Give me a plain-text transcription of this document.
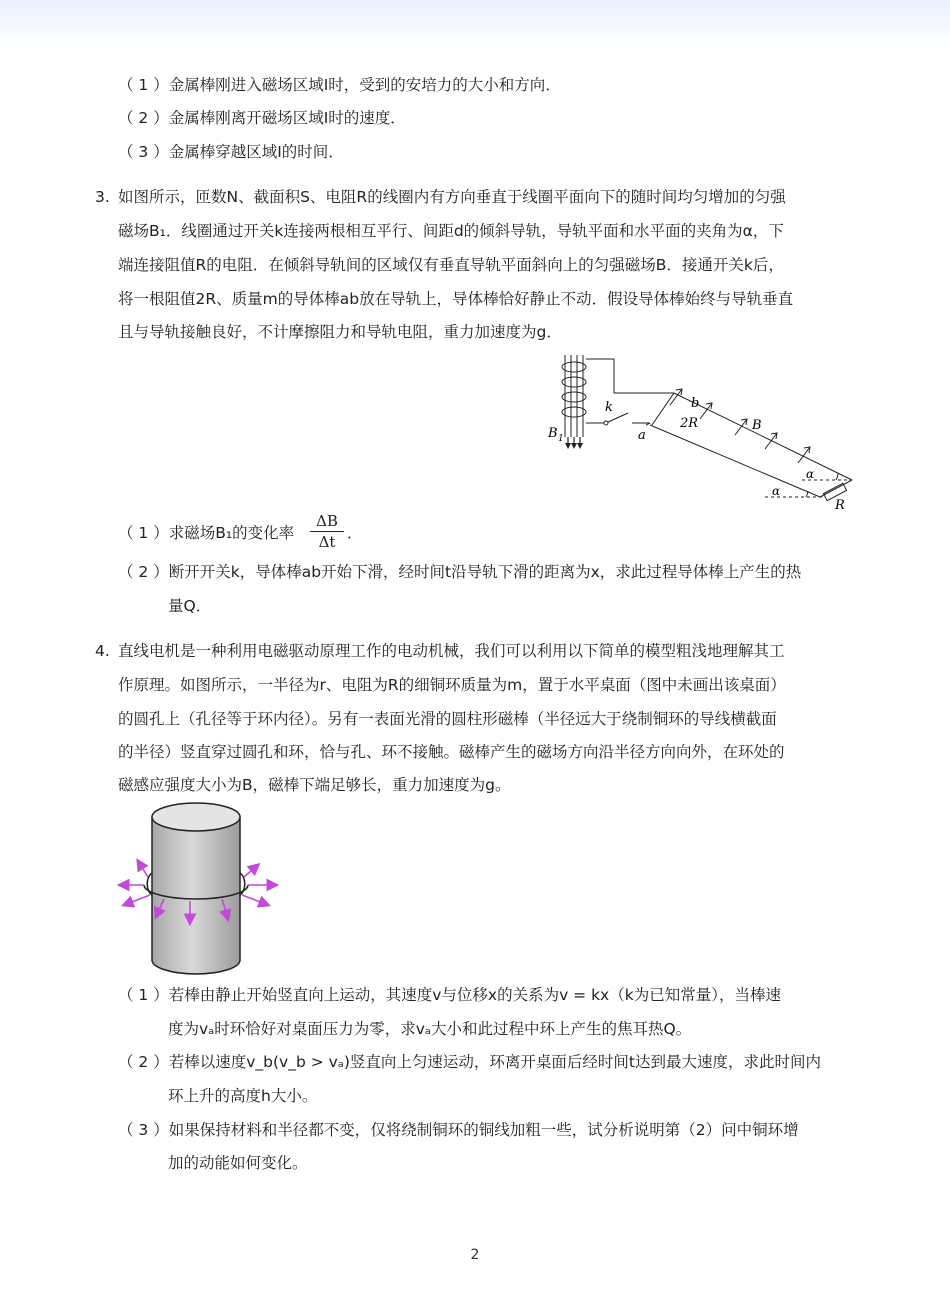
（ 1 ）金属棒刚进入磁场区域Ⅰ时，受到的安培力的大小和方向．
（ 2 ）金属棒刚离开磁场区域Ⅰ时的速度．
（ 3 ）金属棒穿越区域Ⅰ的时间．
3. 如图所示，匝数N、截面积S、电阻R的线圈内有方向垂直于线圈平面向下的随时间均匀增加的匀强
磁场B₁．线圈通过开关k连接两根相互平行、间距d的倾斜导轨，导轨平面和水平面的夹角为α，下
端连接阻值R的电阻．在倾斜导轨间的区域仅有垂直导轨平面斜向上的匀强磁场B．接通开关k后，
将一根阻值2R、质量m的导体棒ab放在导轨上，导体棒恰好静止不动．假设导体棒始终与导轨垂直
且与导轨接触良好，不计摩擦阻力和导轨电阻，重力加速度为g．
k	b
2R	B
B 1	a
α
α
R
（ 1 ）求磁场B₁的变化率 $\frac{\Delta B}{\Delta t}$ ．
（ 2 ）断开开关k，导体棒ab开始下滑，经时间t沿导轨下滑的距离为x，求此过程导体棒上产生的热
量Q．
4. 直线电机是一种利用电磁驱动原理工作的电动机械，我们可以利用以下简单的模型粗浅地理解其工
作原理。如图所示，一半径为r、电阻为R的细铜环质量为m，置于水平桌面（图中未画出该桌面）
的圆孔上（孔径等于环内径）。另有一表面光滑的圆柱形磁棒（半径远大于绕制铜环的导线横截面
的半径）竖直穿过圆孔和环，恰与孔、环不接触。磁棒产生的磁场方向沿半径方向向外，在环处的
磁感应强度大小为B，磁棒下端足够长，重力加速度为g。
（ 1 ）若棒由静止开始竖直向上运动，其速度v与位移x的关系为v = kx（k为已知常量），当棒速
度为vₐ时环恰好对桌面压力为零，求vₐ大小和此过程中环上产生的焦耳热Q。
（ 2 ）若棒以速度v_b(v_b > vₐ)竖直向上匀速运动，环离开桌面后经时间t达到最大速度，求此时间内
环上升的高度h大小。
（ 3 ）如果保持材料和半径都不变，仅将绕制铜环的铜线加粗一些，试分析说明第（2）问中铜环增
加的动能如何变化。
2
